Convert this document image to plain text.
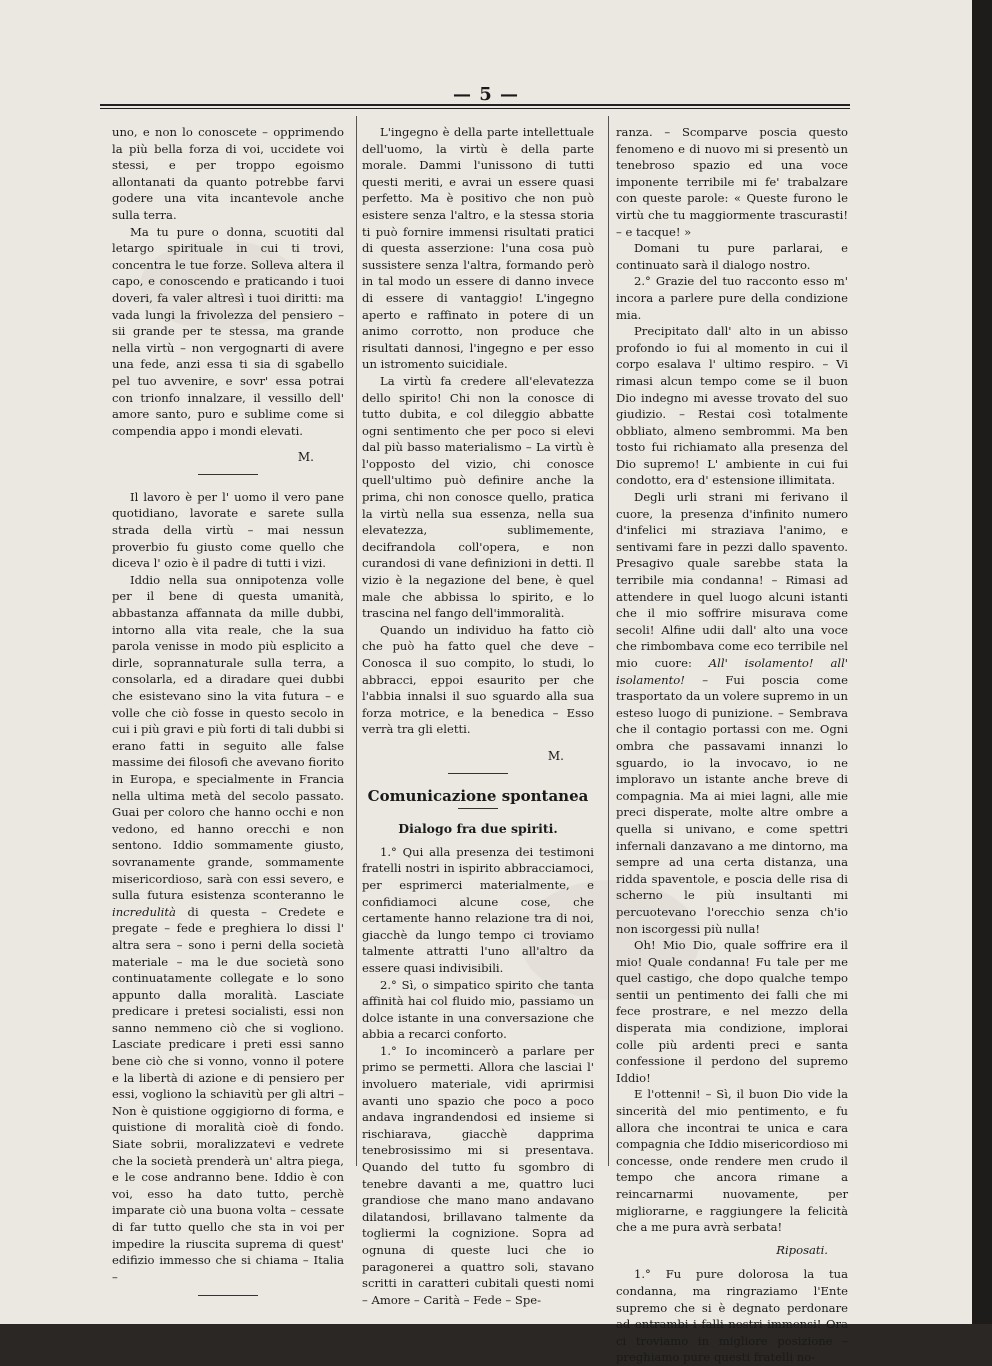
— 5 —

uno, e non lo conoscete – opprimendo la più bella forza di voi, uccidete voi stessi, e per troppo egoismo allontanati da quanto potrebbe farvi godere una vita incantevole anche sulla terra.

Ma tu pure o donna, scuotiti dal letargo spirituale in cui ti trovi, concentra le tue forze. Solleva altera il capo, e conoscendo e praticando i tuoi doveri, fa valer altresì i tuoi diritti: ma vada lungi la frivolezza del pensiero – sii grande per te stessa, ma grande nella virtù – non vergognarti di avere una fede, anzi essa ti sia di sgabello pel tuo avvenire, e sovr' essa potrai con trionfo innalzare, il vessillo dell' amore santo, puro e sublime come si compendia appo i mondi elevati.

M.

Il lavoro è per l' uomo il vero pane quotidiano, lavorate e sarete sulla strada della virtù – mai nessun proverbio fu giusto come quello che diceva l' ozio è il padre di tutti i vizi.

Iddio nella sua onnipotenza volle per il bene di questa umanità, abbastanza affannata da mille dubbi, intorno alla vita reale, che la sua parola venisse in modo più esplicito a dirle, soprannaturale sulla terra, a consolarla, ed a diradare quei dubbi che esistevano sino la vita futura – e volle che ciò fosse in questo secolo in cui i più gravi e più forti di tali dubbi si erano fatti in seguito alle false massime dei filosofi che avevano fiorito in Europa, e specialmente in Francia nella ultima metà del secolo passato. Guai per coloro che hanno occhi e non vedono, ed hanno orecchi e non sentono. Iddio sommamente giusto, sovranamente grande, sommamente misericordioso, sarà con essi severo, e sulla futura esistenza sconteranno le incredulità di questa – Credete e pregate – fede e preghiera lo dissi l' altra sera – sono i perni della società materiale – ma le due società sono continuatamente collegate e lo sono appunto dalla moralità. Lasciate predicare i pretesi socialisti, essi non sanno nemmeno ciò che si vogliono. Lasciate predicare i preti essi sanno bene ciò che si vonno, vonno il potere e la libertà di azione e di pensiero per essi, vogliono la schiavitù per gli altri – Non è quistione oggigiorno di forma, e quistione di moralità cioè di fondo. Siate sobrii, moralizzatevi e vedrete che la società prenderà un' altra piega, e le cose andranno bene. Iddio è con voi, esso ha dato tutto, perchè imparate ciò una buona volta – cessate di far tutto quello che sta in voi per impedire la riuscita suprema di quest' edifizio immesso che si chiama – Italia –

L'ingegno è della parte intellettuale dell'uomo, la virtù è della parte morale. Dammi l'unissono di tutti questi meriti, e avrai un essere quasi perfetto. Ma è positivo che non può esistere senza l'altro, e la stessa storia ti può fornire immensi risultati pratici di questa asserzione: l'una cosa può sussistere senza l'altra, formando però in tal modo un essere di danno invece di essere di vantaggio! L'ingegno aperto e raffinato in potere di un animo corrotto, non produce che risultati dannosi, l'ingegno e per esso un istromento suicidiale.

La virtù fa credere all'elevatezza dello spirito! Chi non la conosce di tutto dubita, e col dileggio abbatte ogni sentimento che per poco si elevi dal più basso materialismo – La virtù è l'opposto del vizio, chi conosce quell'ultimo può definire anche la prima, chi non conosce quello, pratica la virtù nella sua essenza, nella sua elevatezza, sublimemente, decifrandola coll'opera, e non curandosi di vane definizioni in detti. Il vizio è la negazione del bene, è quel male che abbissa lo spirito, e lo trascina nel fango dell'immoralità.

Quando un individuo ha fatto ciò che può ha fatto quel che deve – Conosca il suo compito, lo studi, lo abbracci, eppoi esaurito per che l'abbia innalsi il suo sguardo alla sua forza motrice, e la benedica – Esso verrà tra gli eletti.

M.
Comunicazione spontanea
Dialogo fra due spiriti.

1.° Qui alla presenza dei testimoni fratelli nostri in ispirito abbracciamoci, per esprimerci materialmente, e confidiamoci alcune cose, che certamente hanno relazione tra di noi, giacchè da lungo tempo ci troviamo talmente attratti l'uno all'altro da essere quasi indivisibili.

2.° Sì, o simpatico spirito che tanta affinità hai col fluido mio, passiamo un dolce istante in una conversazione che abbia a recarci conforto.

1.° Io incomincerò a parlare per primo se permetti. Allora che lasciai l' involuero materiale, vidi aprirmisi avanti uno spazio che poco a poco andava ingrandendosi ed insieme si rischiarava, giacchè dapprima tenebrosissimo mi si presentava. Quando del tutto fu sgombro di tenebre davanti a me, quattro luci grandiose che mano mano andavano dilatandosi, brillavano talmente da togliermi la cognizione. Sopra ad ognuna di queste luci che io paragonerei a quattro soli, stavano scritti in caratteri cubitali questi nomi – Amore – Carità – Fede – Spe-

ranza. – Scomparve poscia questo fenomeno e di nuovo mi si presentò un tenebroso spazio ed una voce imponente terribile mi fe' trabalzare con queste parole: « Queste furono le virtù che tu maggiormente trascurasti! – e tacque! »

Domani tu pure parlarai, e continuato sarà il dialogo nostro.

2.° Grazie del tuo racconto esso m' incora a parlere pure della condizione mia.

Precipitato dall' alto in un abisso profondo io fui al momento in cui il corpo esalava l' ultimo respiro. – Vi rimasi alcun tempo come se il buon Dio indegno mi avesse trovato del suo giudizio. – Restai così totalmente obbliato, almeno sembrommi. Ma ben tosto fui richiamato alla presenza del Dio supremo! L' ambiente in cui fui condotto, era d' estensione illimitata.

Degli urli strani mi ferivano il cuore, la presenza d'infinito numero d'infelici mi straziava l'animo, e sentivami fare in pezzi dallo spavento. Presagivo quale sarebbe stata la terribile mia condanna! – Rimasi ad attendere in quel luogo alcuni istanti che il mio soffrire misurava come secoli! Alfine udii dall' alto una voce che rimbombava come eco terribile nel mio cuore: All' isolamento! all' isolamento! – Fui poscia come trasportato da un volere supremo in un esteso luogo di punizione. – Sembrava che il contagio portassi con me. Ogni ombra che passavami innanzi lo sguardo, io la invocavo, io ne imploravo un istante anche breve di compagnia. Ma ai miei lagni, alle mie preci disperate, molte altre ombre a quella si univano, e come spettri infernali danzavano a me dintorno, ma sempre ad una certa distanza, una ridda spaventole, e poscia delle risa di scherno le più insultanti mi percuotevano l'orecchio senza ch'io non iscorgessi più nulla!

Oh! Mio Dio, quale soffrire era il mio! Quale condanna! Fu tale per me quel castigo, che dopo qualche tempo sentii un pentimento dei falli che mi fece prostrare, e nel mezzo della disperata mia condizione, implorai colle più ardenti preci e santa confessione il perdono del supremo Iddio!

E l'ottenni! – Sì, il buon Dio vide la sincerità del mio pentimento, e fu allora che incontrai te unica e cara compagnia che Iddio misericordioso mi concesse, onde rendere men crudo il tempo che ancora rimane a reincarnarmi nuovamente, per migliorarne, e raggiungere la felicità che a me pura avrà serbata!

Riposati.

1.° Fu pure dolorosa la tua condanna, ma ringraziamo l'Ente supremo che si è degnato perdonare ad entrambi i falli nostri immensi! Ora ci troviamo in migliore posizione – preghiamo pure questi fratelli no-
